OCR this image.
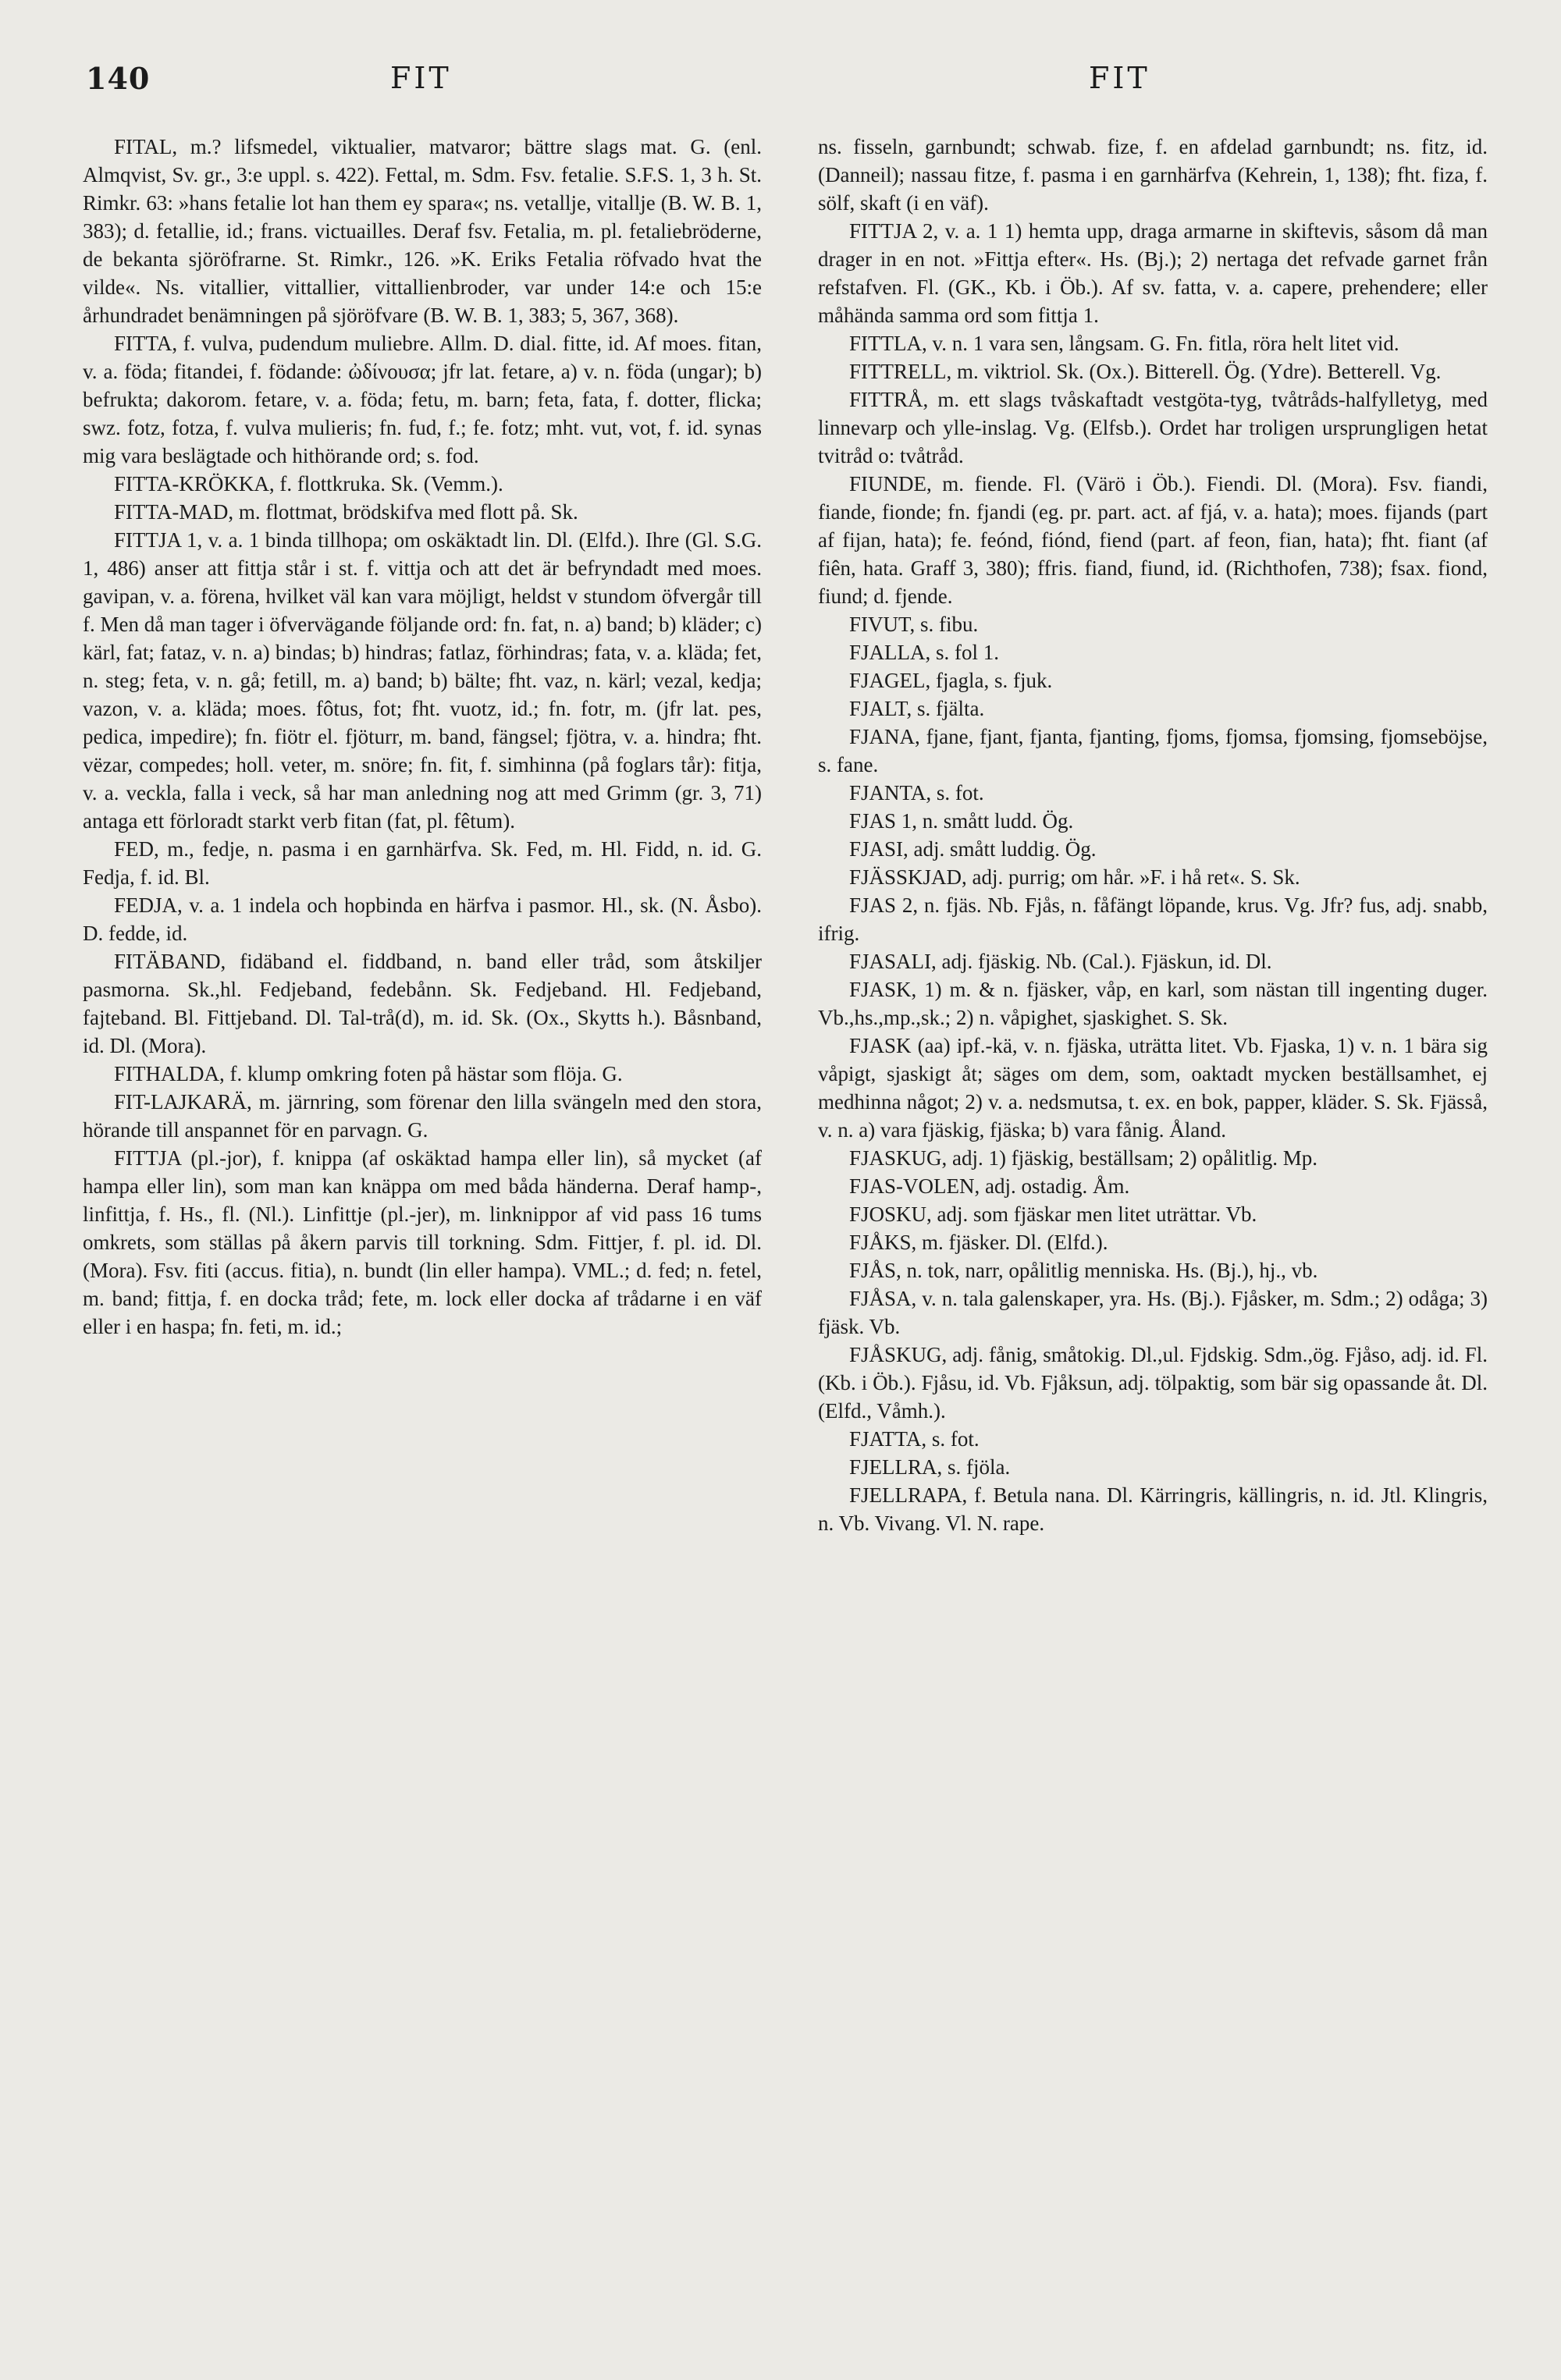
140	FIT	FIT

FITAL, m.? lifsmedel, viktualier, matvaror; bättre slags mat. G. (enl. Almqvist, Sv. gr., 3:e uppl. s. 422). Fettal, m. Sdm. Fsv. fetalie. S.F.S. 1, 3 h. St. Rimkr. 63: »hans fetalie lot han them ey spara«; ns. vetallje, vitallje (B. W. B. 1, 383); d. fetallie, id.; frans. victuailles. Deraf fsv. Fetalia, m. pl. fetaliebröderne, de bekanta sjöröfrarne. St. Rimkr., 126. »K. Eriks Fetalia röfvado hvat the vilde«. Ns. vitallier, vittallier, vittallienbroder, var under 14:e och 15:e århundradet benämningen på sjöröfvare (B. W. B. 1, 383; 5, 367, 368).

FITTA, f. vulva, pudendum muliebre. Allm. D. dial. fitte, id. Af moes. fitan, v. a. föda; fitandei, f. födande: ὠδίνουσα; jfr lat. fetare, a) v. n. föda (ungar); b) befrukta; dakorom. fetare, v. a. föda; fetu, m. barn; feta, fata, f. dotter, flicka; swz. fotz, fotza, f. vulva mulieris; fn. fud, f.; fe. fotz; mht. vut, vot, f. id. synas mig vara beslägtade och hithörande ord; s. fod.

FITTA-KRÖKKA, f. flottkruka. Sk. (Vemm.).

FITTA-MAD, m. flottmat, brödskifva med flott på. Sk.

FITTJA 1, v. a. 1 binda tillhopa; om oskäktadt lin. Dl. (Elfd.). Ihre (Gl. S.G. 1, 486) anser att fittja står i st. f. vittja och att det är befryndadt med moes. gavipan, v. a. förena, hvilket väl kan vara möjligt, heldst v stundom öfvergår till f. Men då man tager i öfvervägande följande ord: fn. fat, n. a) band; b) kläder; c) kärl, fat; fataz, v. n. a) bindas; b) hindras; fatlaz, förhindras; fata, v. a. kläda; fet, n. steg; feta, v. n. gå; fetill, m. a) band; b) bälte; fht. vaz, n. kärl; vezal, kedja; vazon, v. a. kläda; moes. fôtus, fot; fht. vuotz, id.; fn. fotr, m. (jfr lat. pes, pedica, impedire); fn. fiötr el. fjöturr, m. band, fängsel; fjötra, v. a. hindra; fht. vëzar, compedes; holl. veter, m. snöre; fn. fit, f. simhinna (på foglars tår): fitja, v. a. veckla, falla i veck, så har man anledning nog att med Grimm (gr. 3, 71) antaga ett förloradt starkt verb fitan (fat, pl. fêtum).

FED, m., fedje, n. pasma i en garnhärfva. Sk. Fed, m. Hl. Fidd, n. id. G. Fedja, f. id. Bl.

FEDJA, v. a. 1 indela och hopbinda en härfva i pasmor. Hl., sk. (N. Åsbo). D. fedde, id.

FITÄBAND, fidäband el. fiddband, n. band eller tråd, som åtskiljer pasmorna. Sk.,hl. Fedjeband, fedebånn. Sk. Fedjeband. Hl. Fedjeband, fajteband. Bl. Fittjeband. Dl. Tal-trå(d), m. id. Sk. (Ox., Skytts h.). Båsnband, id. Dl. (Mora).

FITHALDA, f. klump omkring foten på hästar som flöja. G.

FIT-LAJKARÄ, m. järnring, som förenar den lilla svängeln med den stora, hörande till anspannet för en parvagn. G.

FITTJA (pl.-jor), f. knippa (af oskäktad hampa eller lin), så mycket (af hampa eller lin), som man kan knäppa om med båda händerna. Deraf hamp-, linfittja, f. Hs., fl. (Nl.). Linfittje (pl.-jer), m. linknippor af vid pass 16 tums omkrets, som ställas på åkern parvis till torkning. Sdm. Fittjer, f. pl. id. Dl. (Mora). Fsv. fiti (accus. fitia), n. bundt (lin eller hampa). VML.; d. fed; n. fetel, m. band; fittja, f. en docka tråd; fete, m. lock eller docka af trådarne i en väf eller i en haspa; fn. feti, m. id.;

ns. fisseln, garnbundt; schwab. fize, f. en afdelad garnbundt; ns. fitz, id. (Danneil); nassau fitze, f. pasma i en garnhärfva (Kehrein, 1, 138); fht. fiza, f. sölf, skaft (i en väf).

FITTJA 2, v. a. 1 1) hemta upp, draga armarne in skiftevis, såsom då man drager in en not. »Fittja efter«. Hs. (Bj.); 2) nertaga det refvade garnet från refstafven. Fl. (GK., Kb. i Öb.). Af sv. fatta, v. a. capere, prehendere; eller måhända samma ord som fittja 1.

FITTLA, v. n. 1 vara sen, långsam. G. Fn. fitla, röra helt litet vid.

FITTRELL, m. viktriol. Sk. (Ox.). Bitterell. Ög. (Ydre). Betterell. Vg.

FITTRÅ, m. ett slags tvåskaftadt vestgöta-tyg, tvåtråds-halfylletyg, med linnevarp och ylle-inslag. Vg. (Elfsb.). Ordet har troligen ursprungligen hetat tvitråd o: tvåtråd.

FIUNDE, m. fiende. Fl. (Värö i Öb.). Fiendi. Dl. (Mora). Fsv. fiandi, fiande, fionde; fn. fjandi (eg. pr. part. act. af fjá, v. a. hata); moes. fijands (part af fijan, hata); fe. feónd, fiónd, fiend (part. af feon, fian, hata); fht. fiant (af fiên, hata. Graff 3, 380); ffris. fiand, fiund, id. (Richthofen, 738); fsax. fiond, fiund; d. fjende.

FIVUT, s. fibu.

FJALLA, s. fol 1.

FJAGEL, fjagla, s. fjuk.

FJALT, s. fjälta.

FJANA, fjane, fjant, fjanta, fjanting, fjoms, fjomsa, fjomsing, fjomseböjse, s. fane.

FJANTA, s. fot.

FJAS 1, n. smått ludd. Ög.

FJASI, adj. smått luddig. Ög.

FJÄSSKJAD, adj. purrig; om hår. »F. i hå ret«. S. Sk.

FJAS 2, n. fjäs. Nb. Fjås, n. fåfängt löpande, krus. Vg. Jfr? fus, adj. snabb, ifrig.

FJASALI, adj. fjäskig. Nb. (Cal.). Fjäskun, id. Dl.

FJASK, 1) m. & n. fjäsker, våp, en karl, som nästan till ingenting duger. Vb.,hs.,mp.,sk.; 2) n. våpighet, sjaskighet. S. Sk.

FJASK (aa) ipf.-kä, v. n. fjäska, uträtta litet. Vb. Fjaska, 1) v. n. 1 bära sig våpigt, sjaskigt åt; säges om dem, som, oaktadt mycken beställsamhet, ej medhinna något; 2) v. a. nedsmutsa, t. ex. en bok, papper, kläder. S. Sk. Fjässå, v. n. a) vara fjäskig, fjäska; b) vara fånig. Åland.

FJASKUG, adj. 1) fjäskig, beställsam; 2) opålitlig. Mp.

FJAS-VOLEN, adj. ostadig. Åm.

FJOSKU, adj. som fjäskar men litet uträttar. Vb.

FJÅKS, m. fjäsker. Dl. (Elfd.).

FJÅS, n. tok, narr, opålitlig menniska. Hs. (Bj.), hj., vb.

FJÅSA, v. n. tala galenskaper, yra. Hs. (Bj.). Fjåsker, m. Sdm.; 2) odåga; 3) fjäsk. Vb.

FJÅSKUG, adj. fånig, småtokig. Dl.,ul. Fjdskig. Sdm.,ög. Fjåso, adj. id. Fl. (Kb. i Öb.). Fjåsu, id. Vb. Fjåksun, adj. tölpaktig, som bär sig opassande åt. Dl. (Elfd., Våmh.).

FJATTA, s. fot.

FJELLRA, s. fjöla.

FJELLRAPA, f. Betula nana. Dl. Kärringris, källingris, n. id. Jtl. Klingris, n. Vb. Vivang. Vl. N. rape.
